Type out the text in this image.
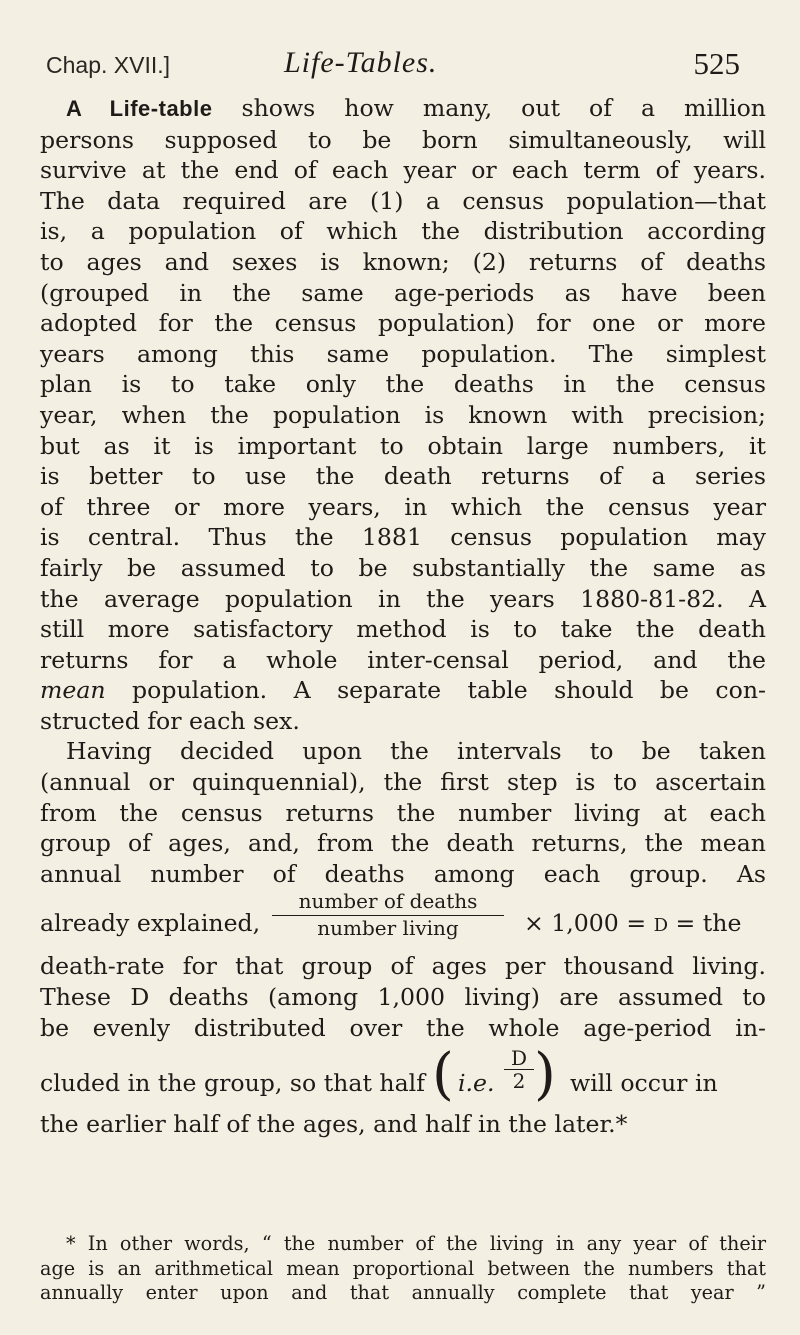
Chap. XVII.]	Life-Tables.	525

A Life-table shows how many, out of a million
persons supposed to be born simultaneously, will
survive at the end of each year or each term of years.
The data required are (1) a census population—that
is, a population of which the distribution according
to ages and sexes is known; (2) returns of deaths
(grouped in the same age-periods as have been
adopted for the census population) for one or more
years among this same population. The simplest
plan is to take only the deaths in the census
year, when the population is known with precision;
but as it is important to obtain large numbers, it
is better to use the death returns of a series
of three or more years, in which the census year
is central. Thus the 1881 census population may
fairly be assumed to be substantially the same as
the average population in the years 1880-81-82. A
still more satisfactory method is to take the death
returns for a whole inter-censal period, and the
mean population. A separate table should be con-
structed for each sex.

Having decided upon the intervals to be taken
(annual or quinquennial), the first step is to ascertain
from the census returns the number living at each
group of ages, and, from the death returns, the mean
annual number of deaths among each group. As

already explained,
number of deaths
number living	× 1,000 = D = the

death-rate for that group of ages per thousand living.
These D deaths (among 1,000 living) are assumed to
be evenly distributed over the whole age-period in-

cluded in the group, so that half ( i.e. $\frac{D}{2}$ ) will occur in

the earlier half of the ages, and half in the later.*

* In other words, “ the number of the living in any year of their
age is an arithmetical mean proportional between the numbers that
annually enter upon and that annually complete that year ”
